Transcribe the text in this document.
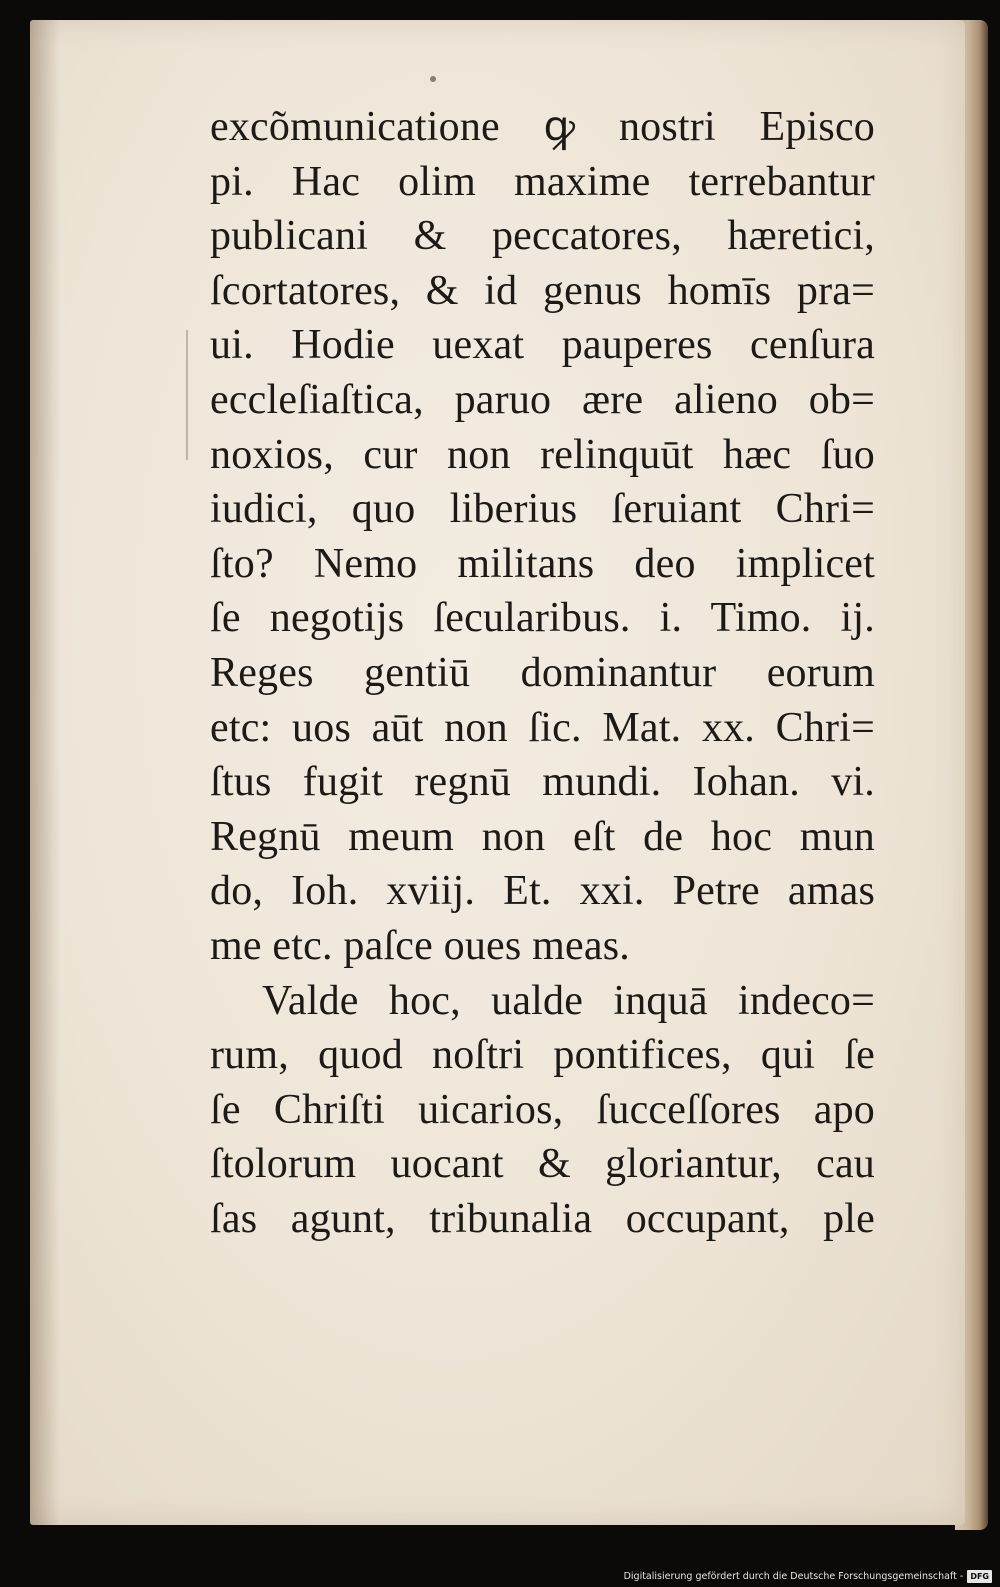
excõmunicatione ꝙ nostri Episco
pi. Hac olim maxime terrebantur
publicani & peccatores, hæretici,
ſcortatores, & id genus homīs pra=
ui. Hodie uexat pauperes cenſura
eccleſiaſtica, paruo ære alieno ob=
noxios, cur non relinquūt hæc ſuo
iudici, quo liberius ſeruiant Chri=
ſto? Nemo militans deo implicet
ſe negotijs ſecularibus. i. Timo. ij.
Reges gentiū dominantur eorum
etc: uos aūt non ſic. Mat. xx. Chri=
ſtus fugit regnū mundi. Iohan. vi.
Regnū meum non eſt de hoc mun
do, Ioh. xviij. Et. xxi. Petre amas
me etc. paſce oues meas.
Valde hoc, ualde inquā indeco=
rum, quod noſtri pontifices, qui ſe
ſe Chriſti uicarios, ſucceſſores apo
ſtolorum uocant & gloriantur, cau
ſas agunt, tribunalia occupant, ple
Digitalisierung gefördert durch die Deutsche Forschungsgemeinschaft - DFG
